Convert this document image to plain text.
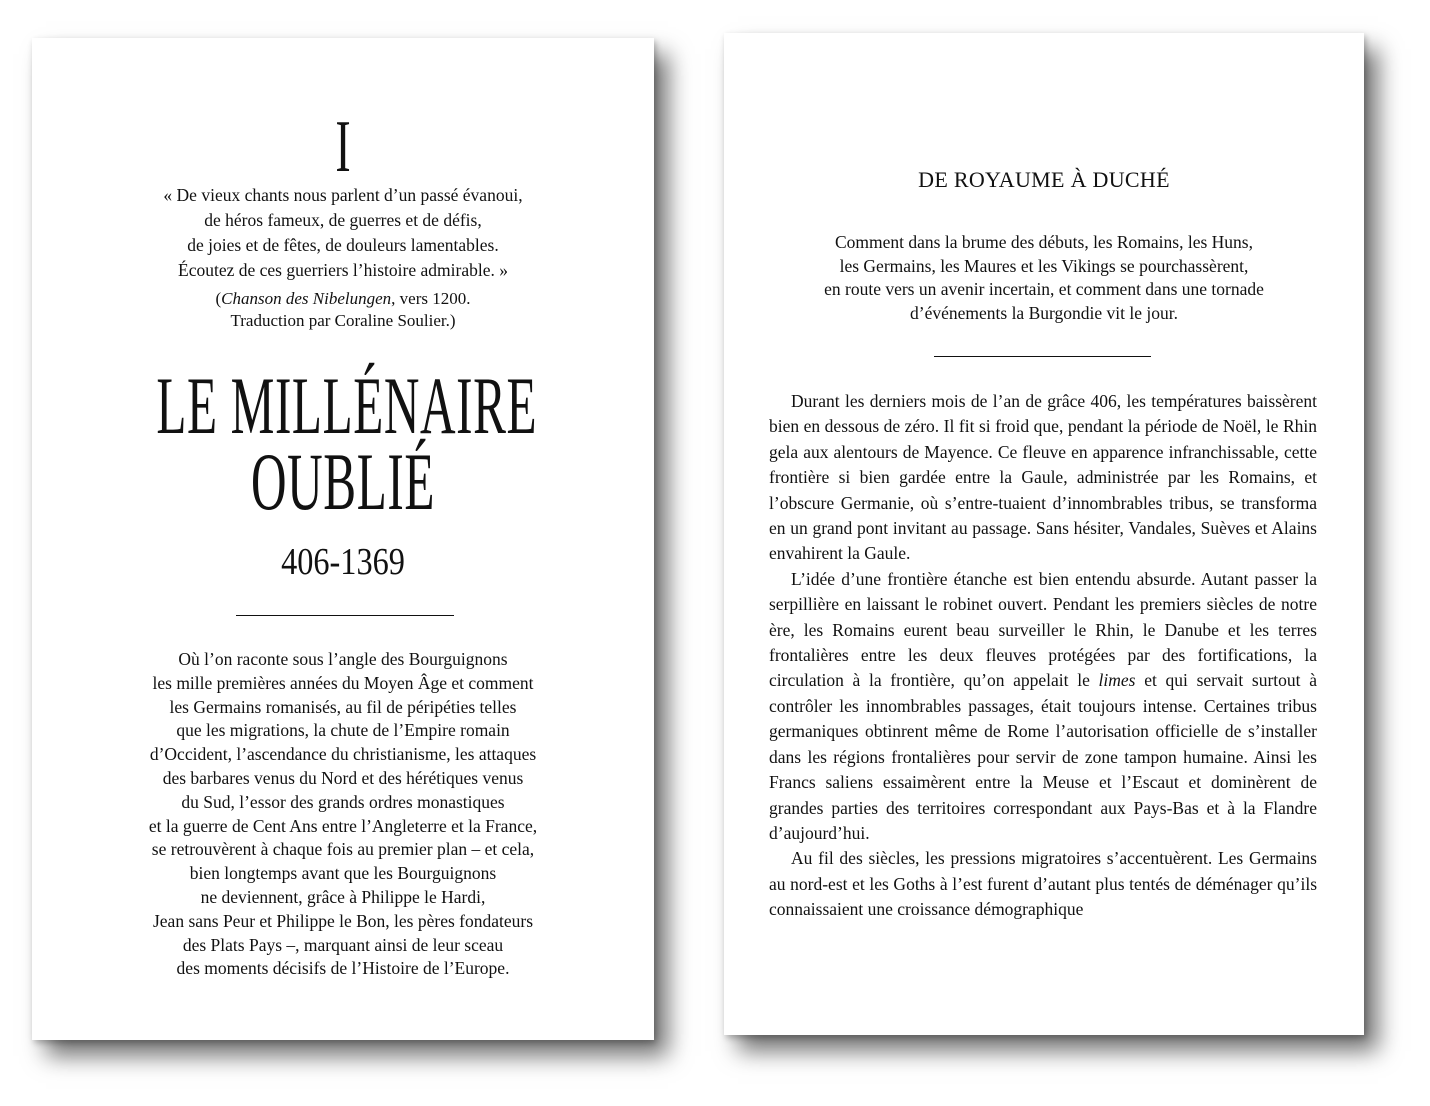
I

« De vieux chants nous parlent d’un passé évanoui,
de héros fameux, de guerres et de défis,
de joies et de fêtes, de douleurs lamentables.
Écoutez de ces guerriers l’histoire admirable. »

(Chanson des Nibelungen, vers 1200.
Traduction par Coraline Soulier.)

LE MILLÉNAIRE
OUBLIÉ
406-1369

Où l’on raconte sous l’angle des Bourguignons
les mille premières années du Moyen Âge et comment
les Germains romanisés, au fil de péripéties telles
que les migrations, la chute de l’Empire romain
d’Occident, l’ascendance du christianisme, les attaques
des barbares venus du Nord et des hérétiques venus
du Sud, l’essor des grands ordres monastiques
et la guerre de Cent Ans entre l’Angleterre et la France,
se retrouvèrent à chaque fois au premier plan – et cela,
bien longtemps avant que les Bourguignons
ne deviennent, grâce à Philippe le Hardi,
Jean sans Peur et Philippe le Bon, les pères fondateurs
des Plats Pays –, marquant ainsi de leur sceau
des moments décisifs de l’Histoire de l’Europe.

DE ROYAUME À DUCHÉ

Comment dans la brume des débuts, les Romains, les Huns,
les Germains, les Maures et les Vikings se pourchassèrent,
en route vers un avenir incertain, et comment dans une tornade
d’événements la Burgondie vit le jour.

Durant les derniers mois de l’an de grâce 406, les températures baissèrent bien en dessous de zéro. Il fit si froid que, pendant la période de Noël, le Rhin gela aux alentours de Mayence. Ce fleuve en apparence infranchissable, cette frontière si bien gardée entre la Gaule, administrée par les Romains, et l’obscure Germanie, où s’entre-tuaient d’innombrables tribus, se transforma en un grand pont invitant au passage. Sans hésiter, Vandales, Suèves et Alains envahirent la Gaule.

L’idée d’une frontière étanche est bien entendu absurde. Autant passer la serpillière en laissant le robinet ouvert. Pendant les premiers siècles de notre ère, les Romains eurent beau surveiller le Rhin, le Danube et les terres frontalières entre les deux fleuves protégées par des fortifications, la circulation à la frontière, qu’on appelait le limes et qui servait surtout à contrôler les innombrables passages, était toujours intense. Certaines tribus germaniques obtinrent même de Rome l’autorisation officielle de s’installer dans les régions frontalières pour servir de zone tampon humaine. Ainsi les Francs saliens essaimèrent entre la Meuse et l’Escaut et dominèrent de grandes parties des territoires correspondant aux Pays-Bas et à la Flandre d’aujourd’hui.

Au fil des siècles, les pressions migratoires s’accentuèrent. Les Germains au nord-est et les Goths à l’est furent d’autant plus tentés de déménager qu’ils connaissaient une croissance démographique
